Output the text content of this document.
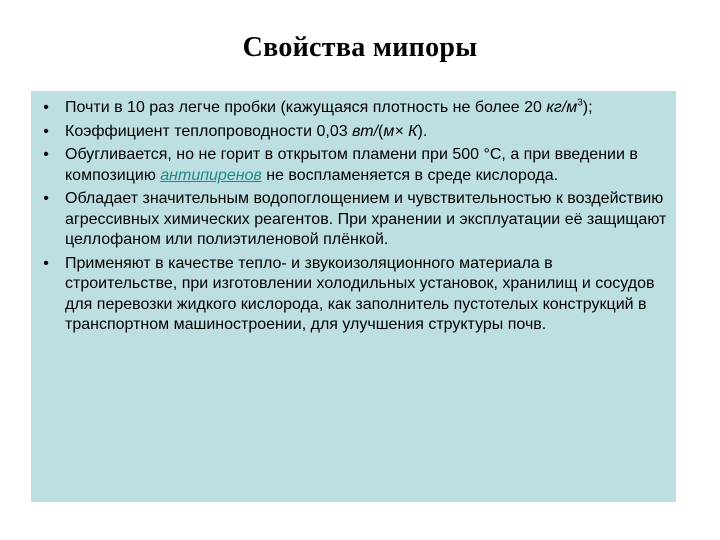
Свойства мипоры
•	Почти в 10 раз легче пробки (кажущаяся плотность не более 20 $кг/м^3$);
•	Коэффициент теплопроводности 0,03 вт/(м× К).
•	Обугливается, но не горит в открытом пламени при 500 °С, а при введении в композицию антипиренов не воспламеняется в среде кислорода.
•	Обладает значительным водопоглощением и чувствительностью к воздействию агрессивных химических реагентов. При хранении и эксплуатации её защищают целлофаном или полиэтиленовой плёнкой.
•	Применяют в качестве тепло- и звукоизоляционного материала в строительстве, при изготовлении холодильных установок, хранилищ и сосудов для перевозки жидкого кислорода, как заполнитель пустотелых конструкций в транспортном машиностроении, для улучшения структуры почв.
